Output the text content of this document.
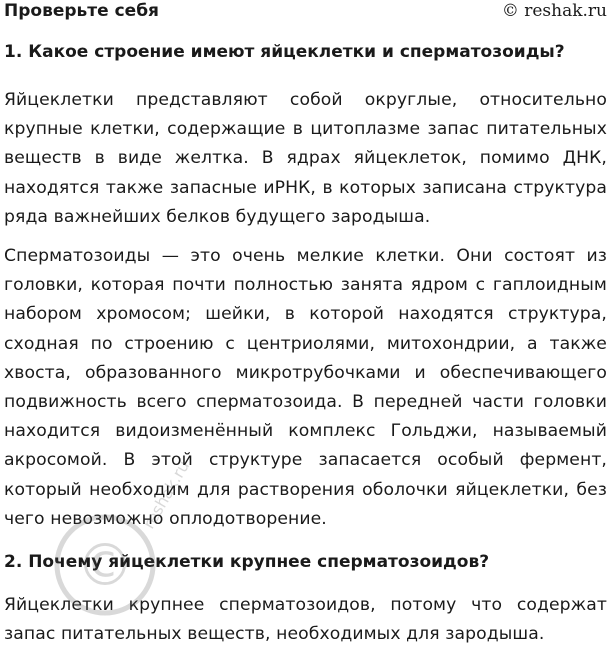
Проверьте себя	© reshak.ru
1. Какое строение имеют яйцеклетки и сперматозоиды?
Яйцеклетки представляют собой округлые, относительно крупные клетки, содержащие в цитоплазме запас питательных веществ в виде желтка. В ядрах яйцеклеток, помимо ДНК, находятся также запасные иРНК, в которых записана структура ряда важнейших белков будущего зародыша.
Сперматозоиды — это очень мелкие клетки. Они состоят из головки, которая почти полностью занята ядром с гаплоидным набором хромосом; шейки, в которой находятся структура, сходная по строению с центриолями, митохондрии, а также хвоста, образованного микротрубочками и обеспечивающего подвижность всего сперматозоида. В передней части головки находится видоизменённый комплекс Гольджи, называемый акросомой. В этой структуре запасается особый фермент, который необходим для растворения оболочки яйцеклетки, без чего невозможно оплодотворение.
2. Почему яйцеклетки крупнее сперматозоидов?
Яйцеклетки крупнее сперматозоидов, потому что содержат запас питательных веществ, необходимых для зародыша.
©
reshak.ru
